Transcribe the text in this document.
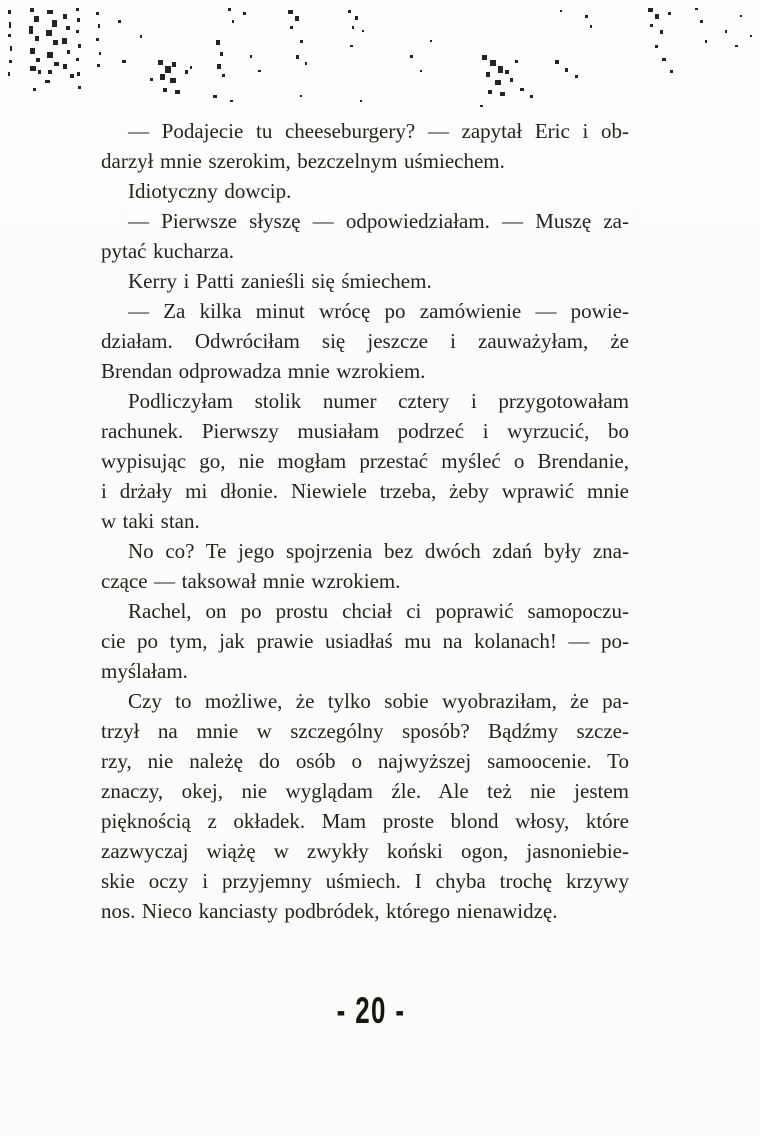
— Podajecie tu cheeseburgery? — zapytał Eric i ob-
darzył mnie szerokim, bezczelnym uśmiechem.
Idiotyczny dowcip.
— Pierwsze słyszę — odpowiedziałam. — Muszę za-
pytać kucharza.
Kerry i Patti zanieśli się śmiechem.
— Za kilka minut wrócę po zamówienie — powie-
działam. Odwróciłam się jeszcze i zauważyłam, że
Brendan odprowadza mnie wzrokiem.
Podliczyłam stolik numer cztery i przygotowałam
rachunek. Pierwszy musiałam podrzeć i wyrzucić, bo
wypisując go, nie mogłam przestać myśleć o Brendanie,
i drżały mi dłonie. Niewiele trzeba, żeby wprawić mnie
w taki stan.
No co? Te jego spojrzenia bez dwóch zdań były zna-
czące — taksował mnie wzrokiem.
Rachel, on po prostu chciał ci poprawić samopoczu-
cie po tym, jak prawie usiadłaś mu na kolanach! — po-
myślałam.
Czy to możliwe, że tylko sobie wyobraziłam, że pa-
trzył na mnie w szczególny sposób? Bądźmy szcze-
rzy, nie należę do osób o najwyższej samoocenie. To
znaczy, okej, nie wyglądam źle. Ale też nie jestem
pięknością z okładek. Mam proste blond włosy, które
zazwyczaj wiążę w zwykły koński ogon, jasnoniebie-
skie oczy i przyjemny uśmiech. I chyba trochę krzywy
nos. Nieco kanciasty podbródek, którego nienawidzę.
- 20 -
